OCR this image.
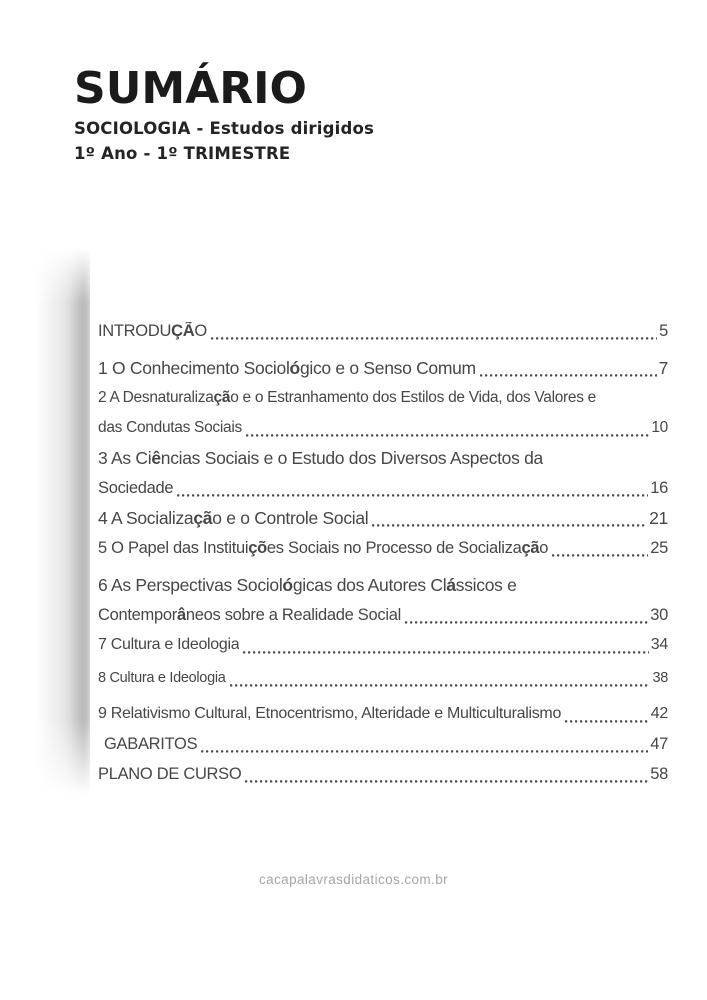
SUMÁRIO
SOCIOLOGIA - Estudos dirigidos
1º Ano - 1º TRIMESTRE
INTRODUÇÃO	5
1 O Conhecimento Sociológico e o Senso Comum	7
2 A Desnaturalização e o Estranhamento dos Estilos de Vida, dos Valores e
das Condutas Sociais	10
3 As Ciências Sociais e o Estudo dos Diversos Aspectos da
Sociedade	16
4 A Socialização e o Controle Social	21
5 O Papel das Instituições Sociais no Processo de Socialização	25
6 As Perspectivas Sociológicas dos Autores Clássicos e
Contemporâneos sobre a Realidade Social	30
7 Cultura e Ideologia	34
8 Cultura e Ideologia	38
9 Relativismo Cultural, Etnocentrismo, Alteridade e Multiculturalismo	42
GABARITOS	47
PLANO DE CURSO	58
cacapalavrasdidaticos.com.br
